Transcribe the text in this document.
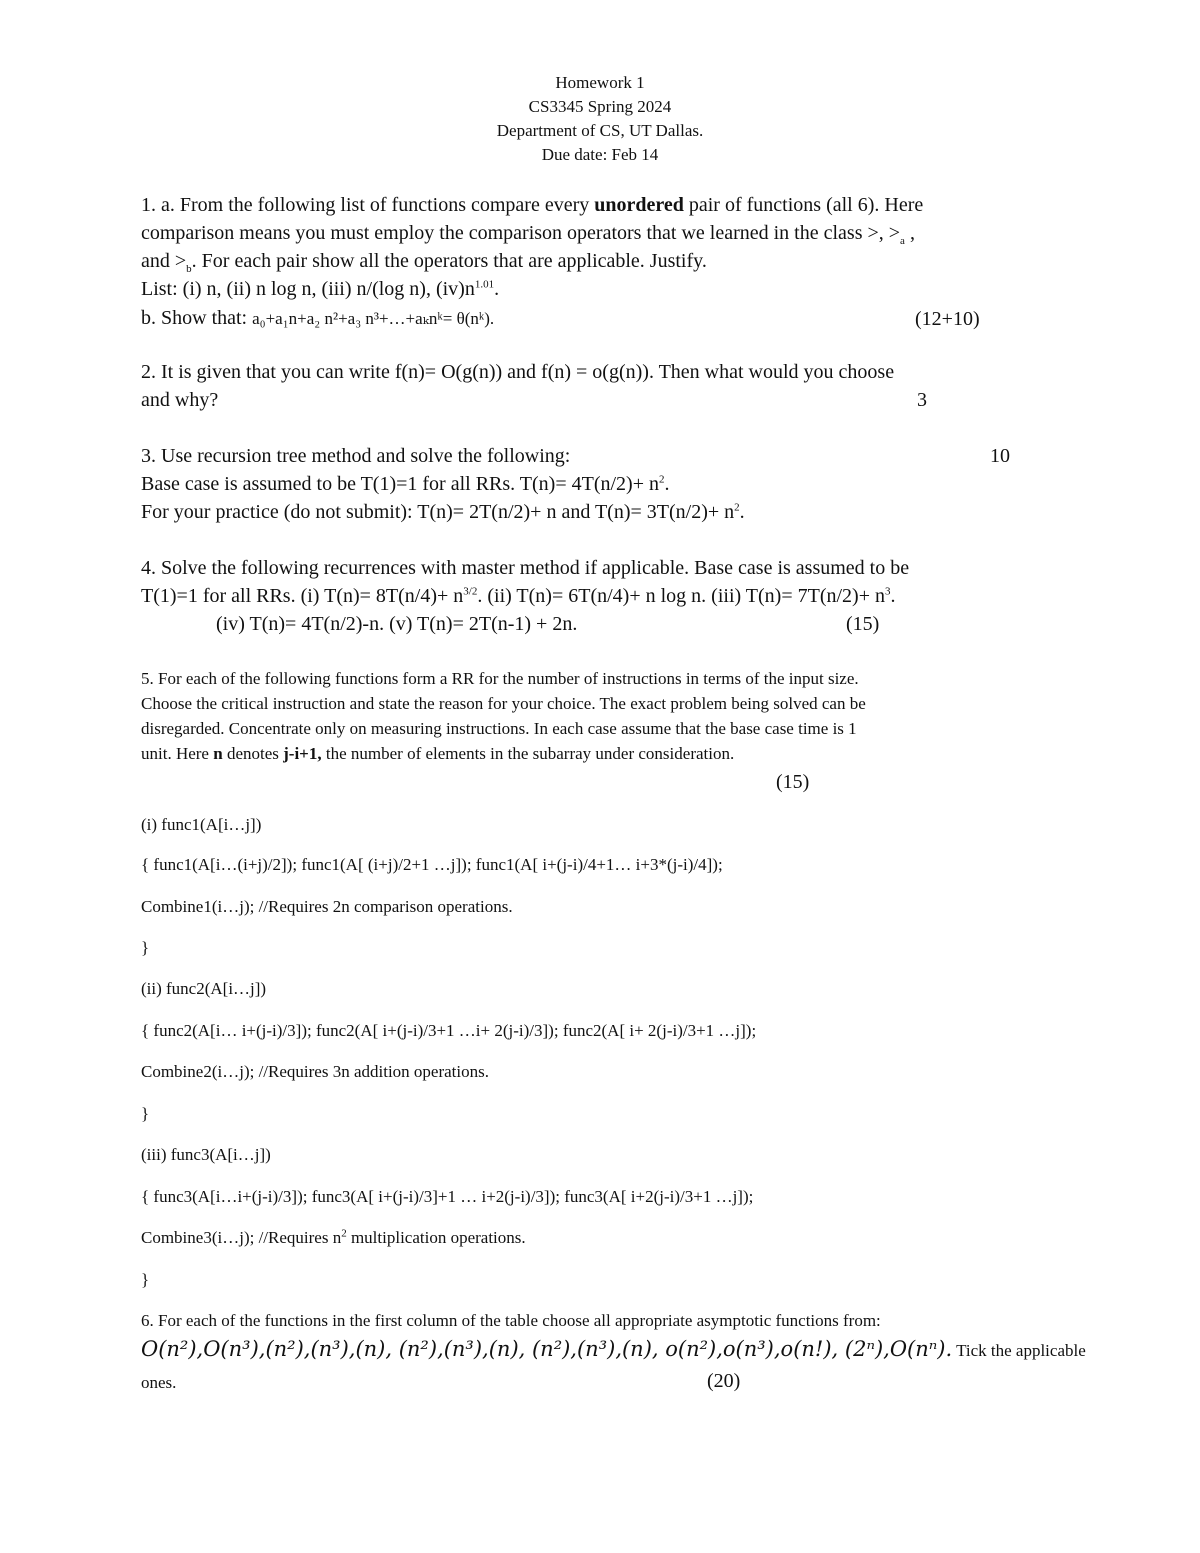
Homework 1
CS3345 Spring 2024
Department of CS, UT Dallas.
Due date: Feb 14
1. a. From the following list of functions compare every unordered pair of functions (all 6). Here
comparison means you must employ the comparison operators that we learned in the class >, $>_a$ ,
and $>_b$. For each pair show all the operators that are applicable. Justify.
List: (i) n, (ii) n log n, (iii) n/(log n), $(iv)n^{1.01}$.
b. Show that: a₀+a₁n+a₂ n²+a₃ n³+…+aₖnᵏ= θ(nᵏ).	(12+10)
2. It is given that you can write f(n)= O(g(n)) and f(n) = o(g(n)). Then what would you choose
and why?	3
3. Use recursion tree method and solve the following:	10
Base case is assumed to be T(1)=1 for all RRs. $T(n)= 4T(n/2)+ n^2$.
For your practice (do not submit): T(n)= 2T(n/2)+ n and $T(n)= 3T(n/2)+ n^2$.
4. Solve the following recurrences with master method if applicable. Base case is assumed to be
T(1)=1 for all RRs. (i) $T(n)= 8T(n/4)+ n^{3/2}$. (ii) T(n)= 6T(n/4)+ n log n. (iii) $T(n)= 7T(n/2)+ n^3$.
(iv) T(n)= 4T(n/2)-n. (v) T(n)= 2T(n-1) + 2n.	(15)
5. For each of the following functions form a RR for the number of instructions in terms of the input size.
Choose the critical instruction and state the reason for your choice. The exact problem being solved can be
disregarded. Concentrate only on measuring instructions. In each case assume that the base case time is 1
unit. Here n denotes j-i+1, the number of elements in the subarray under consideration.
(15)
(i) func1(A[i…j])
{ func1(A[i…(i+j)/2]); func1(A[ (i+j)/2+1 …j]); func1(A[ i+(j-i)/4+1… i+3*(j-i)/4]);
Combine1(i…j); //Requires 2n comparison operations.
}
(ii) func2(A[i…j])
{ func2(A[i… i+(j-i)/3]); func2(A[ i+(j-i)/3+1 …i+ 2(j-i)/3]); func2(A[ i+ 2(j-i)/3+1 …j]);
Combine2(i…j); //Requires 3n addition operations.
}
(iii) func3(A[i…j])
{ func3(A[i…i+(j-i)/3]); func3(A[ i+(j-i)/3]+1 … i+2(j-i)/3]); func3(A[ i+2(j-i)/3+1 …j]);
Combine3(i…j); //Requires $n^2$ multiplication operations.
}
6. For each of the functions in the first column of the table choose all appropriate asymptotic functions from:
O(n²),O(n³),(n²),(n³),(n), (n²),(n³),(n), (n²),(n³),(n), o(n²),o(n³),o(n!), (2ⁿ),O(nⁿ). Tick the applicable
ones.	(20)
